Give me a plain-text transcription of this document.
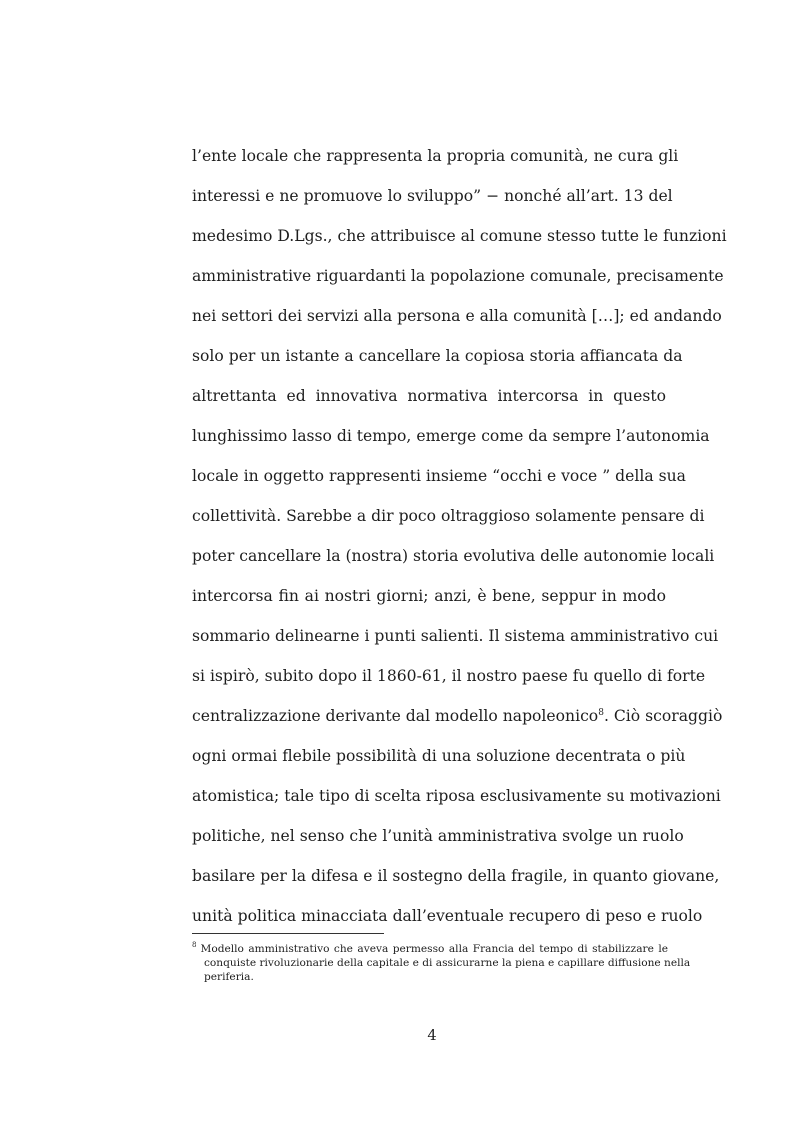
l’ente locale che rappresenta la propria comunità, ne cura gli
interessi e ne promuove lo sviluppo” − nonché all’art. 13 del
medesimo D.Lgs., che attribuisce al comune stesso tutte le funzioni
amministrative riguardanti la popolazione comunale, precisamente
nei settori dei servizi alla persona e alla comunità […]; ed andando
solo per un istante a cancellare la copiosa storia affiancata da
altrettanta ed innovativa normativa intercorsa in questo
lunghissimo lasso di tempo, emerge come da sempre l’autonomia
locale in oggetto rappresenti insieme “occhi e voce ” della sua
collettività. Sarebbe a dir poco oltraggioso solamente pensare di
poter cancellare la (nostra) storia evolutiva delle autonomie locali
intercorsa fin ai nostri giorni; anzi, è bene, seppur in modo
sommario delinearne i punti salienti. Il sistema amministrativo cui
si ispirò, subito dopo il 1860-61, il nostro paese fu quello di forte
centralizzazione derivante dal modello napoleonico$^8$. Ciò scoraggiò
ogni ormai flebile possibilità di una soluzione decentrata o più
atomistica; tale tipo di scelta riposa esclusivamente su motivazioni
politiche, nel senso che l’unità amministrativa svolge un ruolo
basilare per la difesa e il sostegno della fragile, in quanto giovane,
unità politica minacciata dall’eventuale recupero di peso e ruolo
$^8$ Modello amministrativo che aveva permesso alla Francia del tempo di stabilizzare le
conquiste rivoluzionarie della capitale e di assicurarne la piena e capillare diffusione nella
periferia.
4
